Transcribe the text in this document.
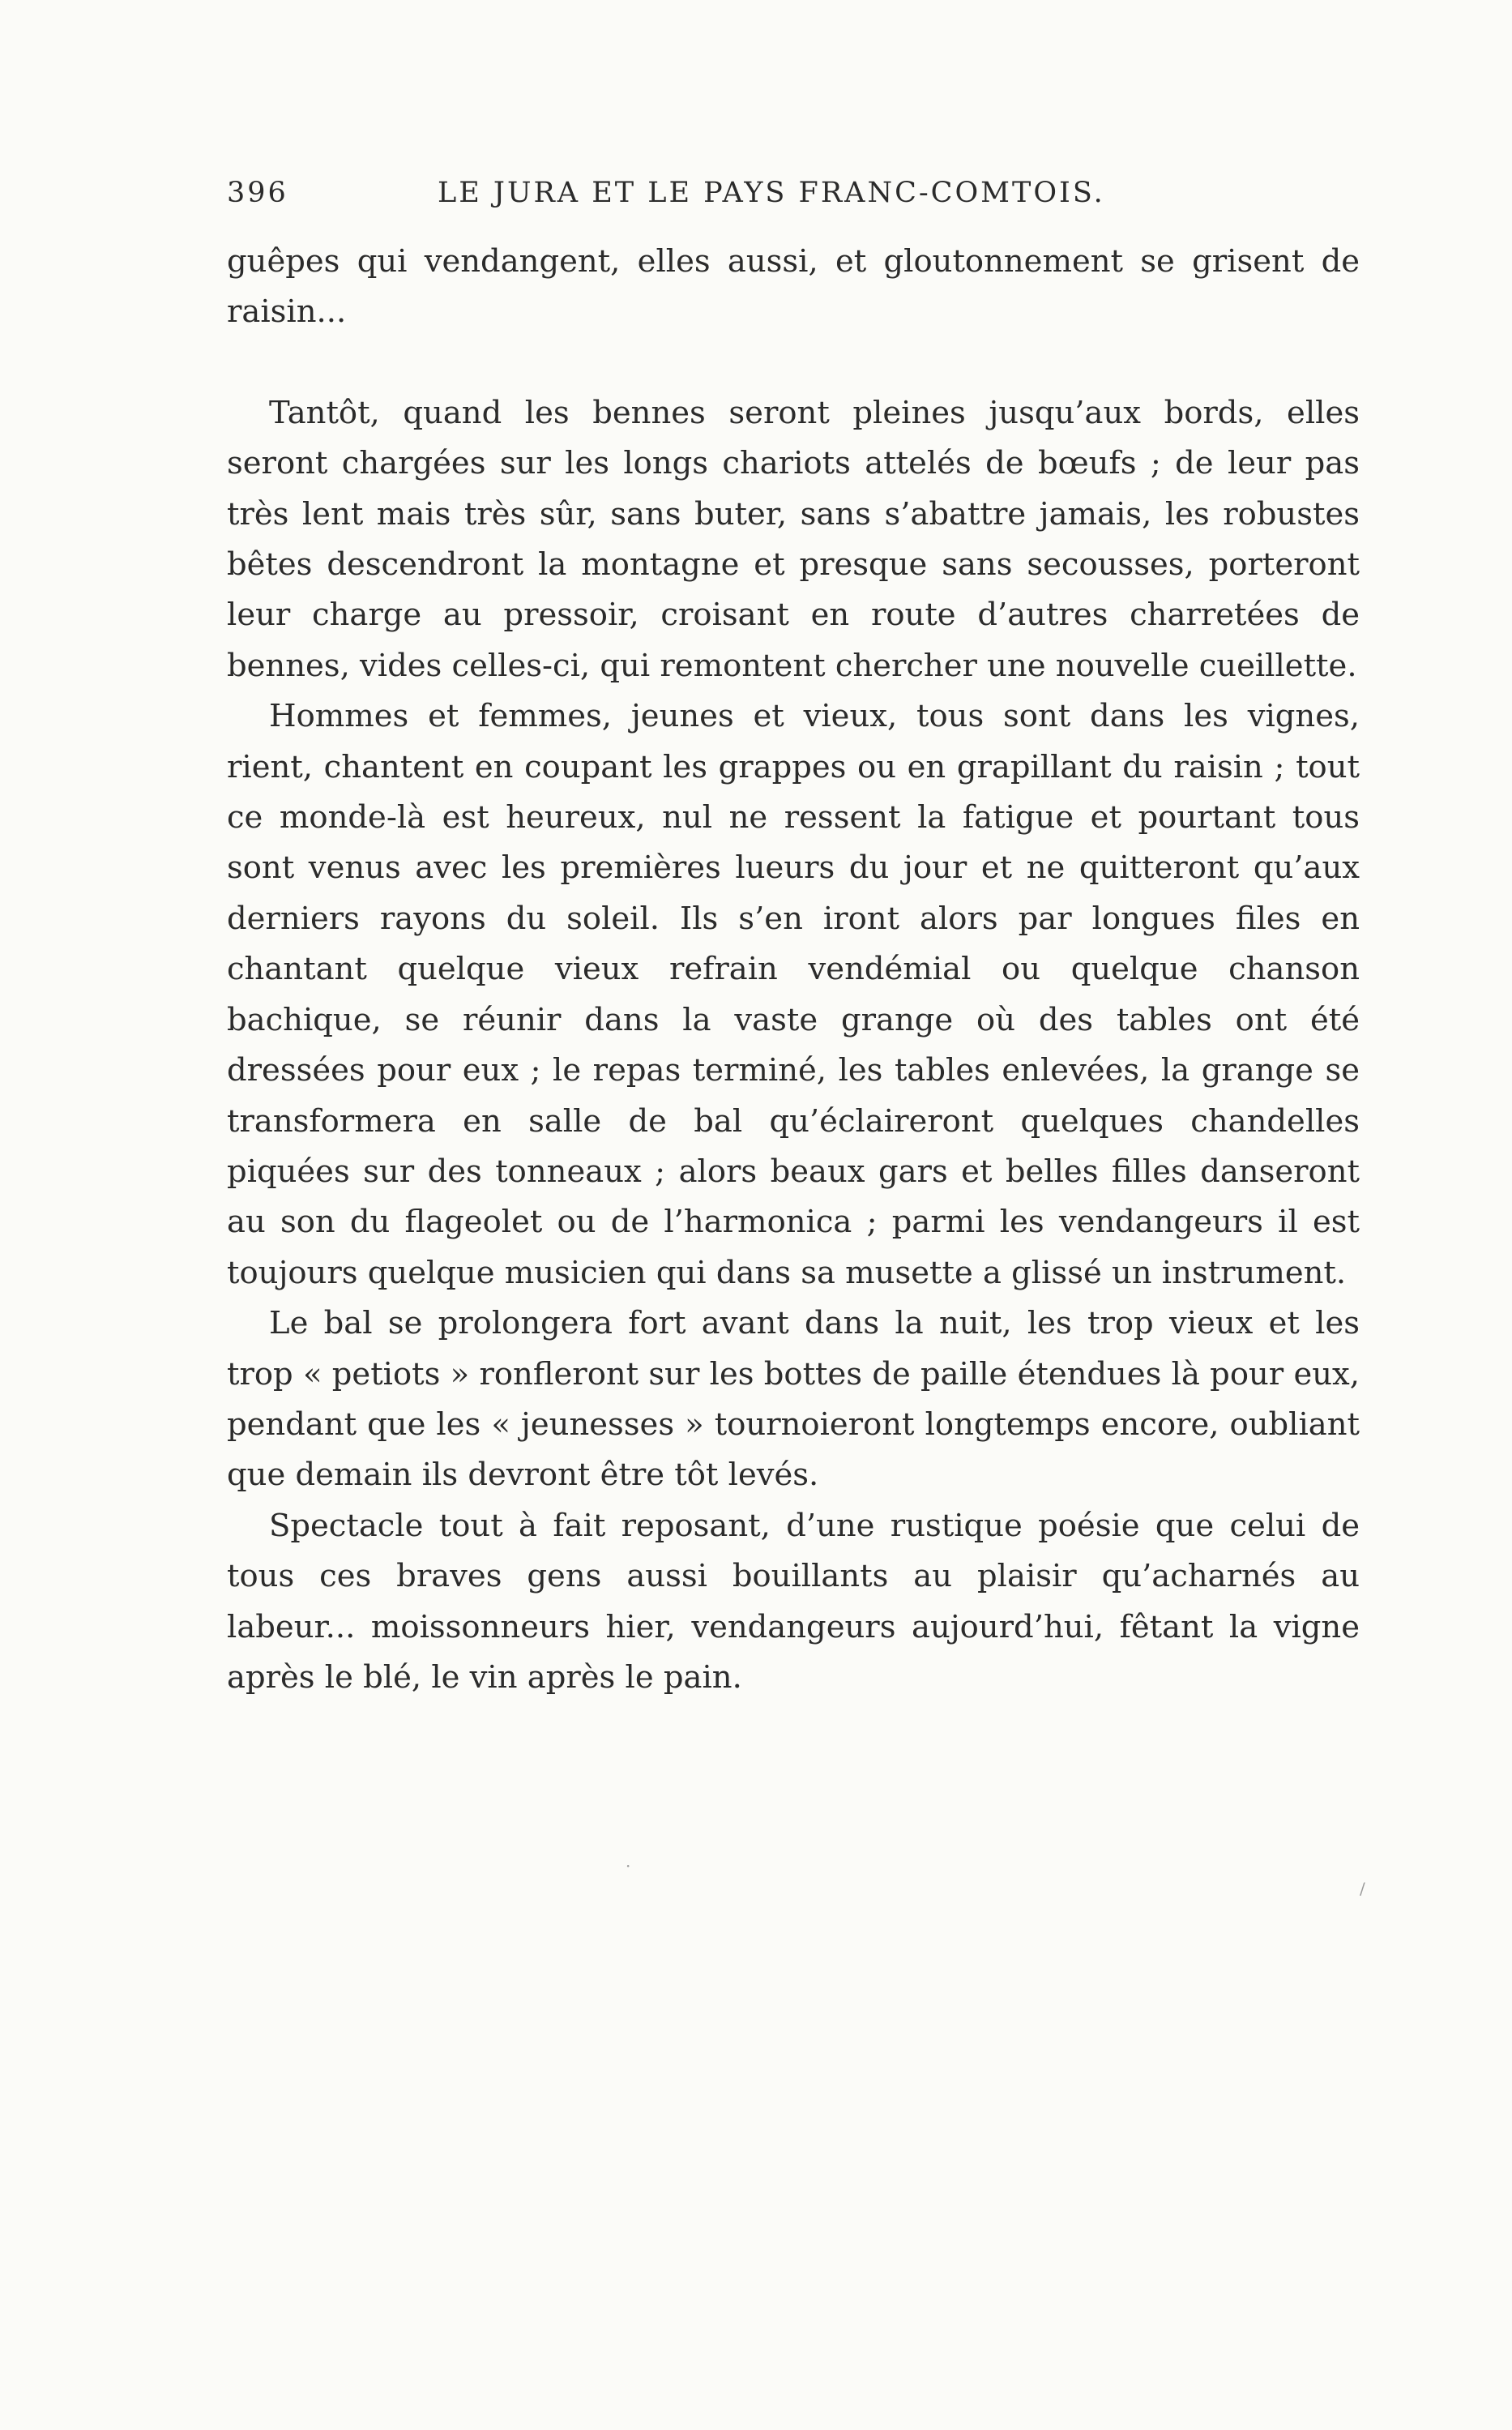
396	LE JURA ET LE PAYS FRANC-COMTOIS.

guêpes qui vendangent, elles aussi, et gloutonnement se grisent de raisin...

Tantôt, quand les bennes seront pleines jusqu’aux bords, elles seront chargées sur les longs chariots attelés de bœufs ; de leur pas très lent mais très sûr, sans buter, sans s’abattre jamais, les robustes bêtes descendront la montagne et presque sans secousses, porteront leur charge au pressoir, croisant en route d’autres charretées de bennes, vides celles-ci, qui remontent chercher une nouvelle cueillette.

Hommes et femmes, jeunes et vieux, tous sont dans les vignes, rient, chantent en coupant les grappes ou en grapillant du raisin ; tout ce monde-là est heureux, nul ne ressent la fatigue et pourtant tous sont venus avec les premières lueurs du jour et ne quitteront qu’aux derniers rayons du soleil. Ils s’en iront alors par longues files en chantant quelque vieux refrain vendémial ou quelque chanson bachique, se réunir dans la vaste grange où des tables ont été dressées pour eux ; le repas terminé, les tables enlevées, la grange se transformera en salle de bal qu’éclaireront quelques chandelles piquées sur des tonneaux ; alors beaux gars et belles filles danseront au son du flageolet ou de l’harmonica ; parmi les vendangeurs il est toujours quelque musicien qui dans sa musette a glissé un instrument.

Le bal se prolongera fort avant dans la nuit, les trop vieux et les trop « petiots » ronfleront sur les bottes de paille étendues là pour eux, pendant que les « jeunesses » tournoieront longtemps encore, oubliant que demain ils devront être tôt levés.

Spectacle tout à fait reposant, d’une rustique poésie que celui de tous ces braves gens aussi bouillants au plaisir qu’acharnés au labeur... moissonneurs hier, vendangeurs aujourd’hui, fêtant la vigne après le blé, le vin après le pain.

·
/
